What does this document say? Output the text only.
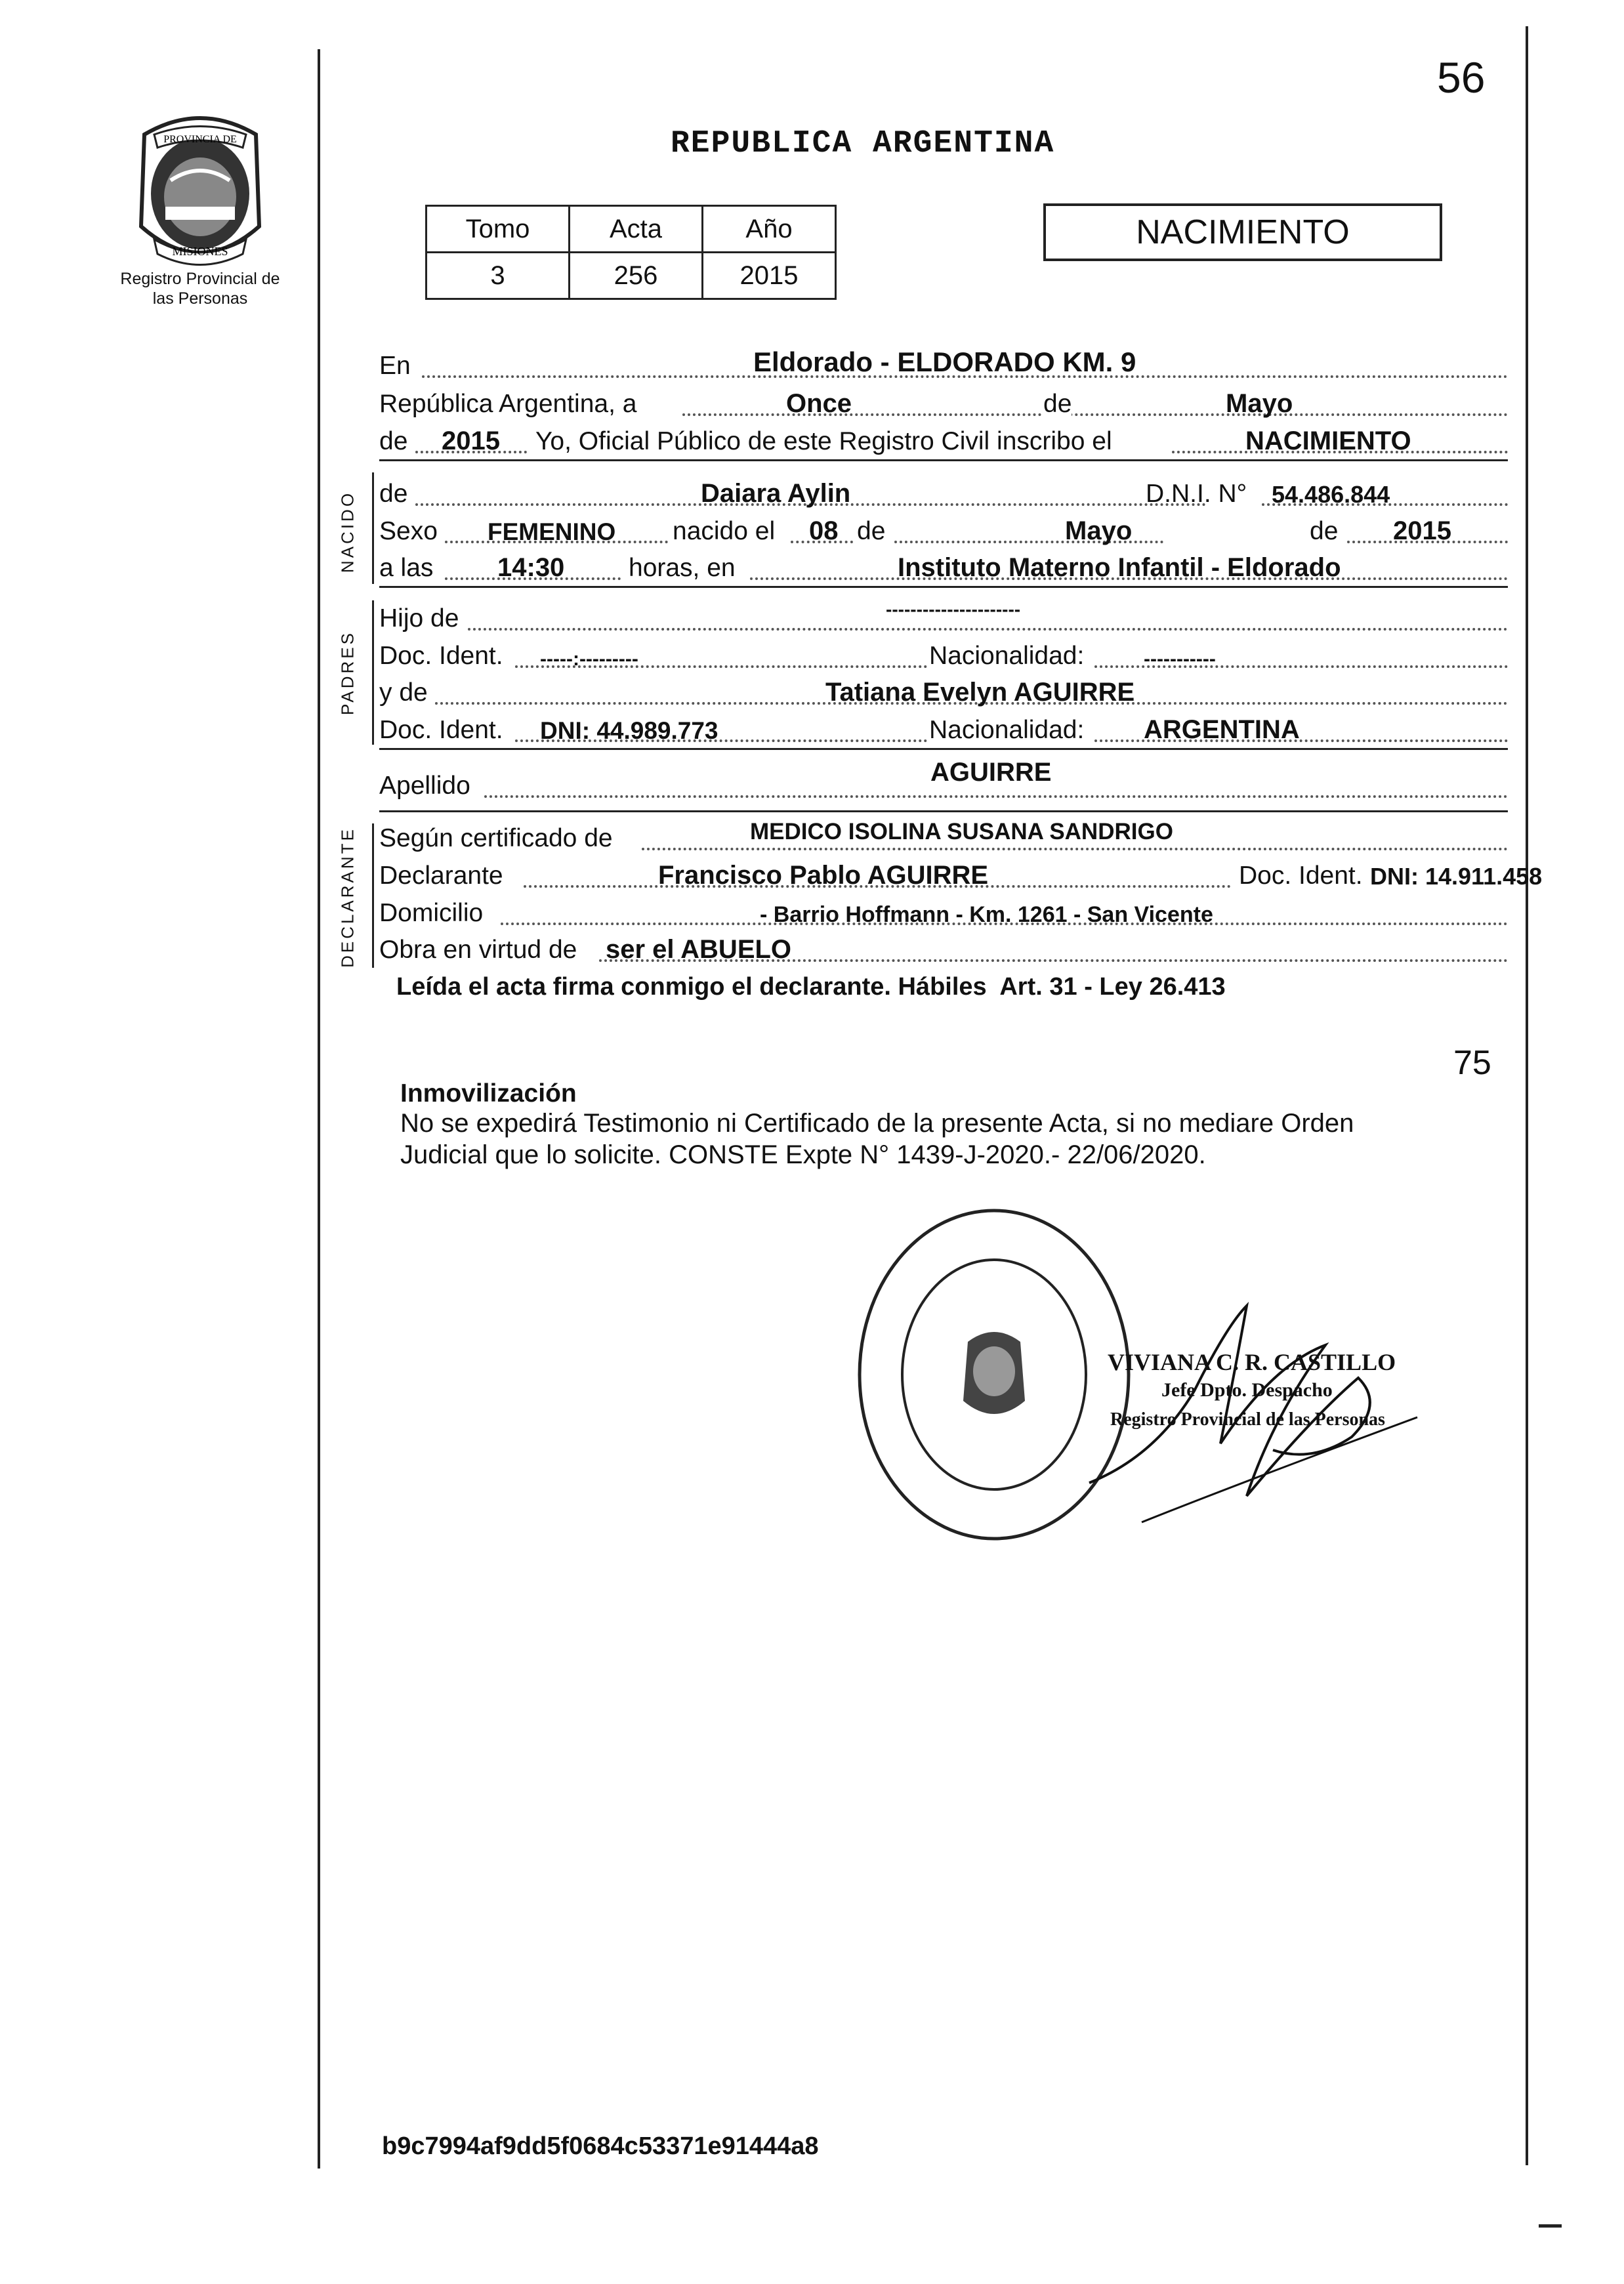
56
PROVINCIA DE
MISIONES
Registro Provincial de las Personas
REPUBLICA ARGENTINA
Tomo	Acta	Año
3	256	2015
NACIMIENTO
En	Eldorado - ELDORADO KM. 9
República Argentina, a	Once	de	Mayo
de 2015 Yo, Oficial Público de este Registro Civil inscribo el	NACIMIENTO
NACIDO de	Daiara Aylin	D.N.I. N° 54.486.844
Sexo FEMENINO nacido el 08 de	Mayo	de 2015
a las 14:30	horas, en	Instituto Materno Infantil - Eldorado
PADRES
Hijo de	----------------------
Doc. Ident. -----:---------	Nacionalidad:	-----------
y de	Tatiana Evelyn AGUIRRE
Doc. Ident. DNI: 44.989.773	Nacionalidad: ARGENTINA
Apellido	AGUIRRE
DECLARANTE Según certificado de	MEDICO ISOLINA SUSANA SANDRIGO
Declarante	Francisco Pablo AGUIRRE	Doc. Ident. DNI: 14.911.458
Domicilio	- Barrio Hoffmann - Km. 1261 - San Vicente
Obra en virtud de ser el ABUELO
Leída el acta firma conmigo el declarante. Hábiles  Art. 31 - Ley 26.413
75
Inmovilización
No se expedirá Testimonio ni Certificado de la presente Acta, si no mediare Orden
Judicial que lo solicite. CONSTE Expte N° 1439-J-2020.- 22/06/2020.
VIVIANA C. R. CASTILLO
Jefe Dpto. Despacho
Registro Provincial de las Personas
b9c7994af9dd5f0684c53371e91444a8
